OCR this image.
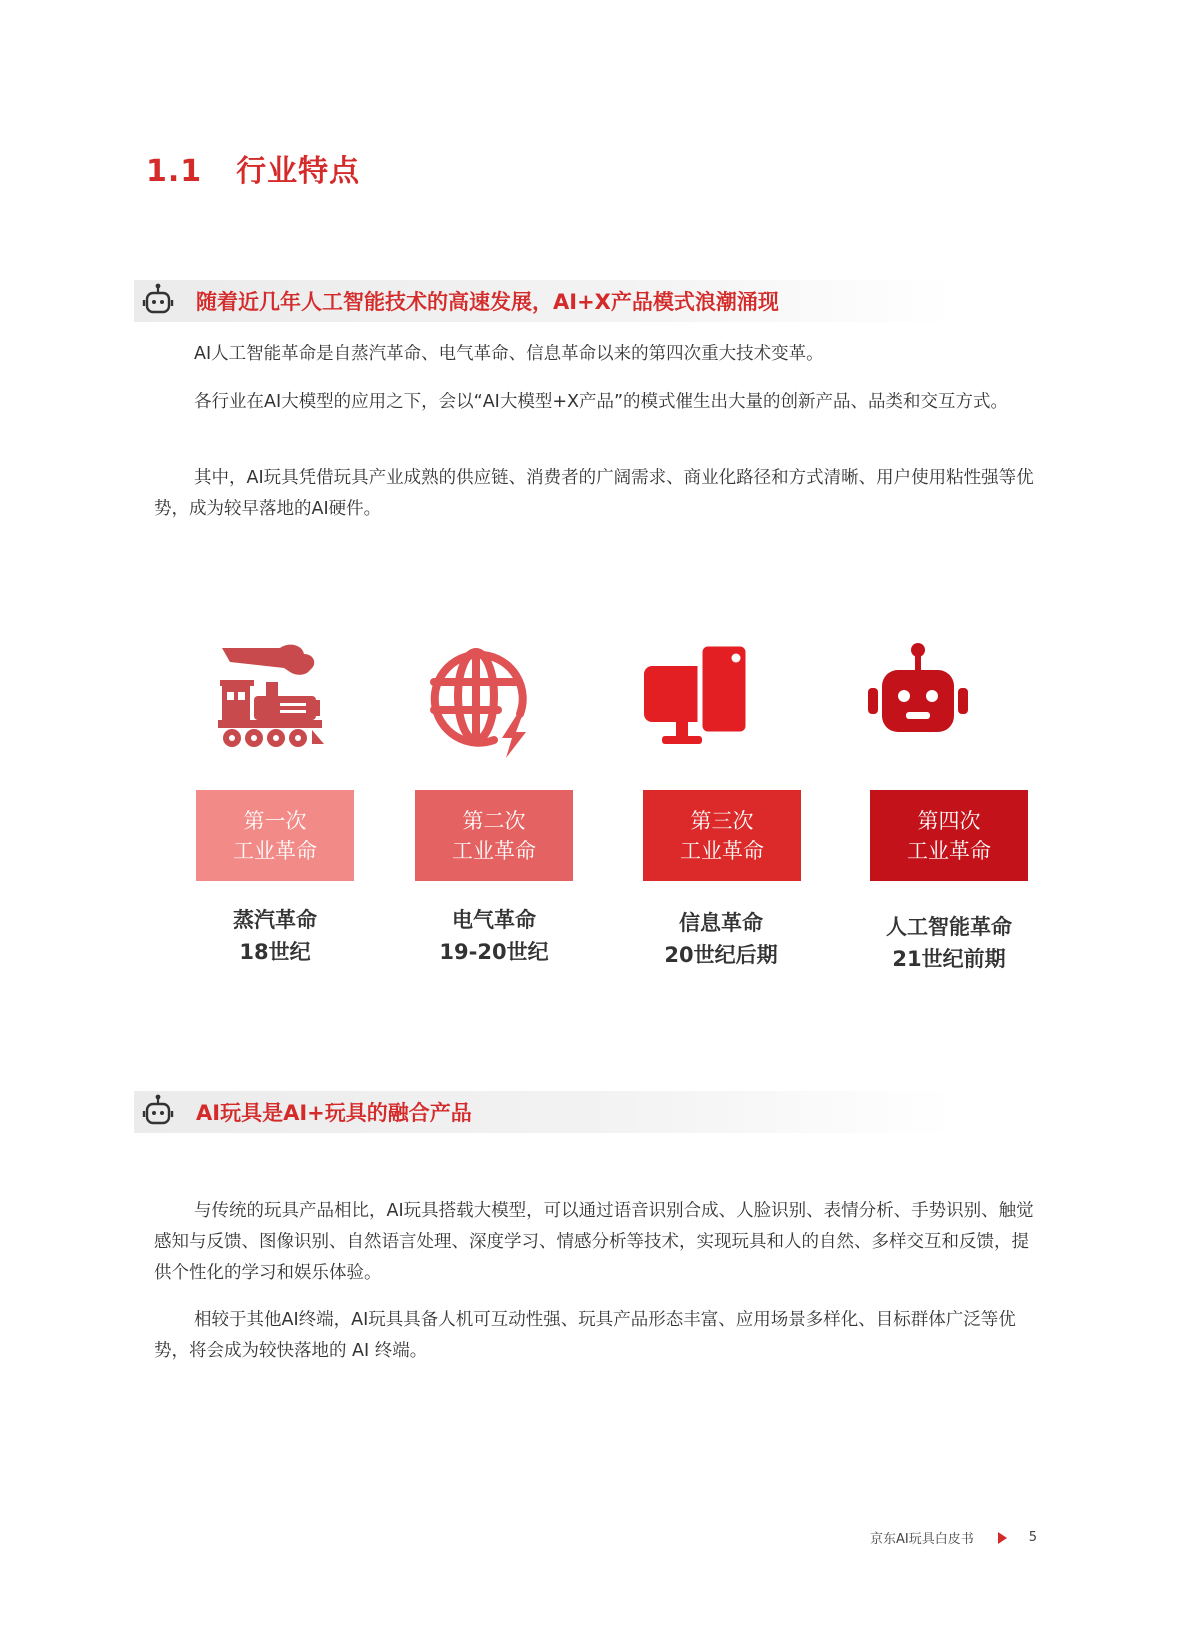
1.1 行业特点
随着近几年人工智能技术的高速发展，AI+X产品模式浪潮涌现
AI人工智能革命是自蒸汽革命、电气革命、信息革命以来的第四次重大技术变革。
各行业在AI大模型的应用之下，会以“AI大模型+X产品”的模式催生出大量的创新产品、品类和交互方式。
其中，AI玩具凭借玩具产业成熟的供应链、消费者的广阔需求、商业化路径和方式清晰、用户使用粘性强等优势，成为较早落地的AI硬件。
第一次
工业革命
第二次
工业革命
第三次
工业革命
第四次
工业革命
蒸汽革命
18世纪
电气革命
19-20世纪
信息革命
20世纪后期
人工智能革命
21世纪前期
AI玩具是AI+玩具的融合产品
与传统的玩具产品相比，AI玩具搭载大模型，可以通过语音识别合成、人脸识别、表情分析、手势识别、触觉感知与反馈、图像识别、自然语言处理、深度学习、情感分析等技术，实现玩具和人的自然、多样交互和反馈，提供个性化的学习和娱乐体验。
相较于其他AI终端，AI玩具具备人机可互动性强、玩具产品形态丰富、应用场景多样化、目标群体广泛等优势，将会成为较快落地的 AI 终端。
京东AI玩具白皮书	5
